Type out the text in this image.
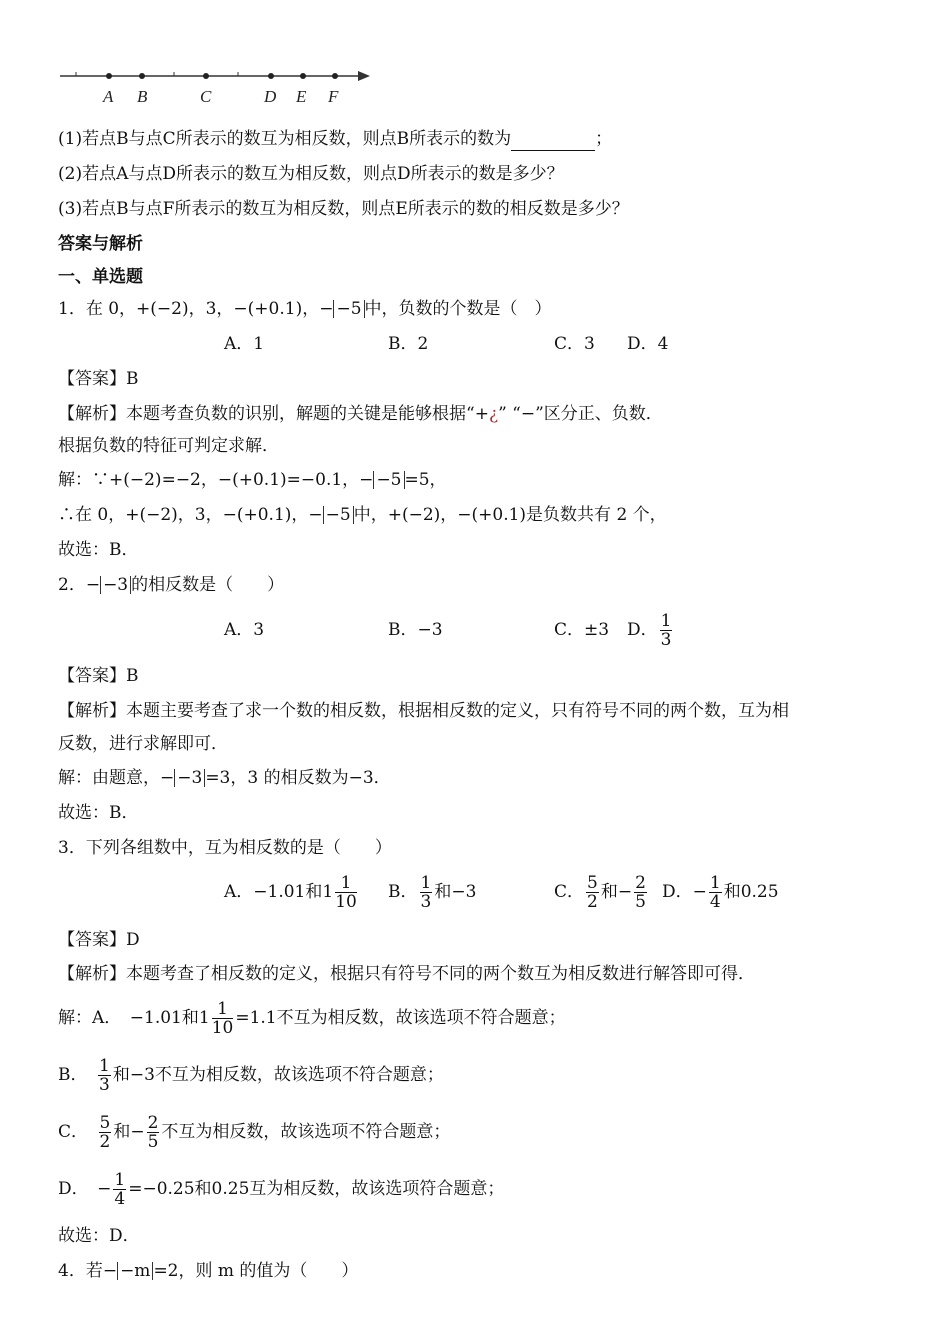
A B	C	D E F
(1)若点B与点C所表示的数互为相反数，则点B所表示的数为	；
(2)若点A与点D所表示的数互为相反数，则点D所表示的数是多少？
(3)若点B与点F所表示的数互为相反数，则点E所表示的数的相反数是多少？
答案与解析
一、单选题
1．在 0，+(−2)，3，−(+0.1)，− −5 中，负数的个数是（　）
A．1	B．2	C．3 D．4
【答案】B
【解析】本题考查负数的识别，解题的关键是能够根据“+¿” “−”区分正、负数．
根据负数的特征可判定求解．
解：∵+(−2)=−2，−(+0.1)=−0.1，− −5 =5，
∴在 0，+(−2)，3，−(+0.1)，− −5 中，+(−2)，−(+0.1)是负数共有 2 个，
故选：B．
2．− −3 的相反数是（　　）
A．3	B．−3	C．±3 D． $\frac{1}{3}$
【答案】B
【解析】本题主要考查了求一个数的相反数，根据相反数的定义，只有符号不同的两个数，互为相
反数，进行求解即可．
解：由题意，− −3 =3，3 的相反数为−3．
故选：B．
3．下列各组数中，互为相反数的是（　　）
A．−1.01和$1 \frac{1}{10}$ B． $\frac{1}{3}$ 和−3	C． $\frac{5}{2}$ 和− $\frac{2}{5}$ D．− $\frac{1}{4}$ 和0.25
【答案】D
【解析】本题考查了相反数的定义，根据只有符号不同的两个数互为相反数进行解答即可得．
解：A．　−1.01和$1 \frac{1}{10} =1.1$不互为相反数，故该选项不符合题意；
B．　 $\frac{1}{3}$ 和−3不互为相反数，故该选项不符合题意；
C．　 $\frac{5}{2}$ 和− $\frac{2}{5}$ 不互为相反数，故该选项不符合题意；
D．　− $\frac{1}{4} =-0.25$和0.25互为相反数，故该选项符合题意；
故选：D．
4．若− −m =2，则 m 的值为（　　）
